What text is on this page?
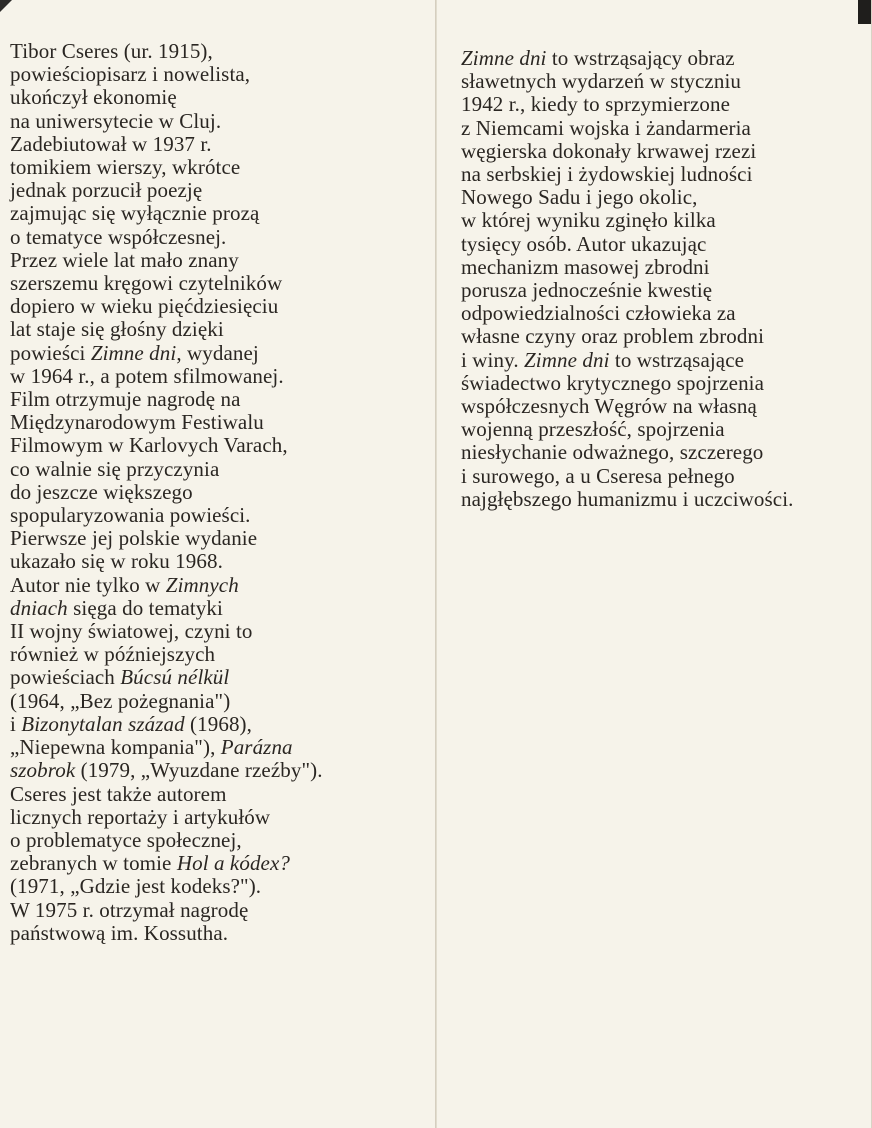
Tibor Cseres (ur. 1915),
powieściopisarz i nowelista,
ukończył ekonomię
na uniwersytecie w Cluj.
Zadebiutował w 1937 r.
tomikiem wierszy, wkrótce
jednak porzucił poezję
zajmując się wyłącznie prozą
o tematyce współczesnej.
Przez wiele lat mało znany
szerszemu kręgowi czytelników
dopiero w wieku pięćdziesięciu
lat staje się głośny dzięki
powieści Zimne dni, wydanej
w 1964 r., a potem sfilmowanej.
Film otrzymuje nagrodę na
Międzynarodowym Festiwalu
Filmowym w Karlovych Varach,
co walnie się przyczynia
do jeszcze większego
spopularyzowania powieści.
Pierwsze jej polskie wydanie
ukazało się w roku 1968.
Autor nie tylko w Zimnych
dniach sięga do tematyki
II wojny światowej, czyni to
również w późniejszych
powieściach Búcsú nélkül
(1964, „Bez pożegnania")
i Bizonytalan század (1968),
„Niepewna kompania"), Parázna
szobrok (1979, „Wyuzdane rzeźby").
Cseres jest także autorem
licznych reportaży i artykułów
o problematyce społecznej,
zebranych w tomie Hol a kódex?
(1971, „Gdzie jest kodeks?").
W 1975 r. otrzymał nagrodę
państwową im. Kossutha.
Zimne dni to wstrząsający obraz
sławetnych wydarzeń w styczniu
1942 r., kiedy to sprzymierzone
z Niemcami wojska i żandarmeria
węgierska dokonały krwawej rzezi
na serbskiej i żydowskiej ludności
Nowego Sadu i jego okolic,
w której wyniku zginęło kilka
tysięcy osób. Autor ukazując
mechanizm masowej zbrodni
porusza jednocześnie kwestię
odpowiedzialności człowieka za
własne czyny oraz problem zbrodni
i winy. Zimne dni to wstrząsające
świadectwo krytycznego spojrzenia
współczesnych Węgrów na własną
wojenną przeszłość, spojrzenia
niesłychanie odważnego, szczerego
i surowego, a u Cseresa pełnego
najgłębszego humanizmu i uczciwości.
